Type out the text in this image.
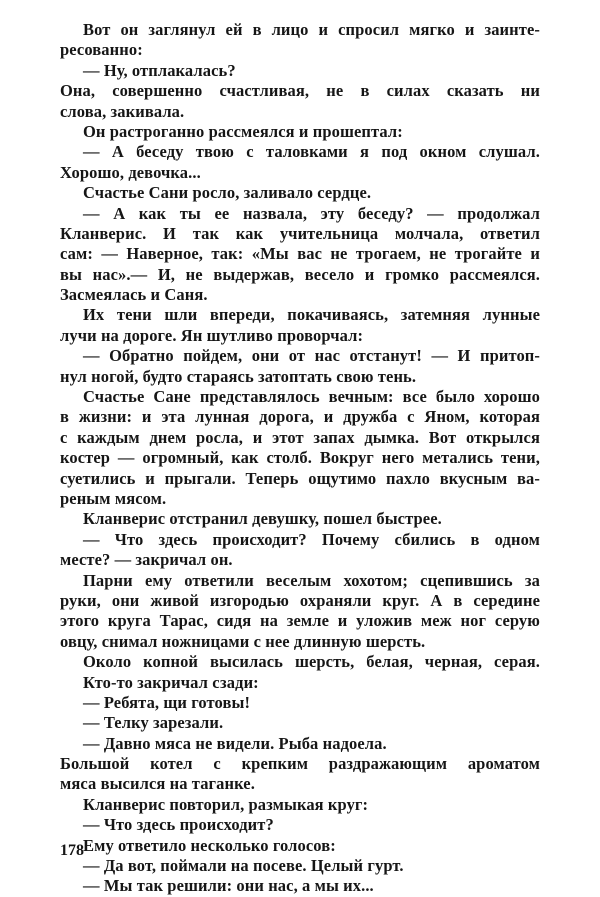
Вот он заглянул ей в лицо и спросил мягко и заинте-
ресованно:
— Ну, отплакалась?
Она, совершенно счастливая, не в силах сказать ни
слова, закивала.
Он растроганно рассмеялся и прошептал:
— А беседу твою с таловками я под окном слушал.
Хорошо, девочка...
Счастье Сани росло, заливало сердце.
— А как ты ее назвала, эту беседу? — продолжал
Кланверис. И так как учительница молчала, ответил
сам: — Наверное, так: «Мы вас не трогаем, не трогайте и
вы нас».— И, не выдержав, весело и громко рассмеялся.
Засмеялась и Саня.
Их тени шли впереди, покачиваясь, затемняя лунные
лучи на дороге. Ян шутливо проворчал:
— Обратно пойдем, они от нас отстанут! — И притоп-
нул ногой, будто стараясь затоптать свою тень.
Счастье Сане представлялось вечным: все было хорошо
в жизни: и эта лунная дорога, и дружба с Яном, которая
с каждым днем росла, и этот запах дымка. Вот открылся
костер — огромный, как столб. Вокруг него метались тени,
суетились и прыгали. Теперь ощутимо пахло вкусным ва-
реным мясом.
Кланверис отстранил девушку, пошел быстрее.
— Что здесь происходит? Почему сбились в одном
месте? — закричал он.
Парни ему ответили веселым хохотом; сцепившись за
руки, они живой изгородью охраняли круг. А в середине
этого круга Тарас, сидя на земле и уложив меж ног серую
овцу, снимал ножницами с нее длинную шерсть.
Около копной высилась шерсть, белая, черная, серая.
Кто-то закричал сзади:
— Ребята, щи готовы!
— Телку зарезали.
— Давно мяса не видели. Рыба надоела.
Большой котел с крепким раздражающим ароматом
мяса высился на таганке.
Кланверис повторил, размыкая круг:
— Что здесь происходит?
Ему ответило несколько голосов:
— Да вот, поймали на посеве. Целый гурт.
— Мы так решили: они нас, а мы их...
178
